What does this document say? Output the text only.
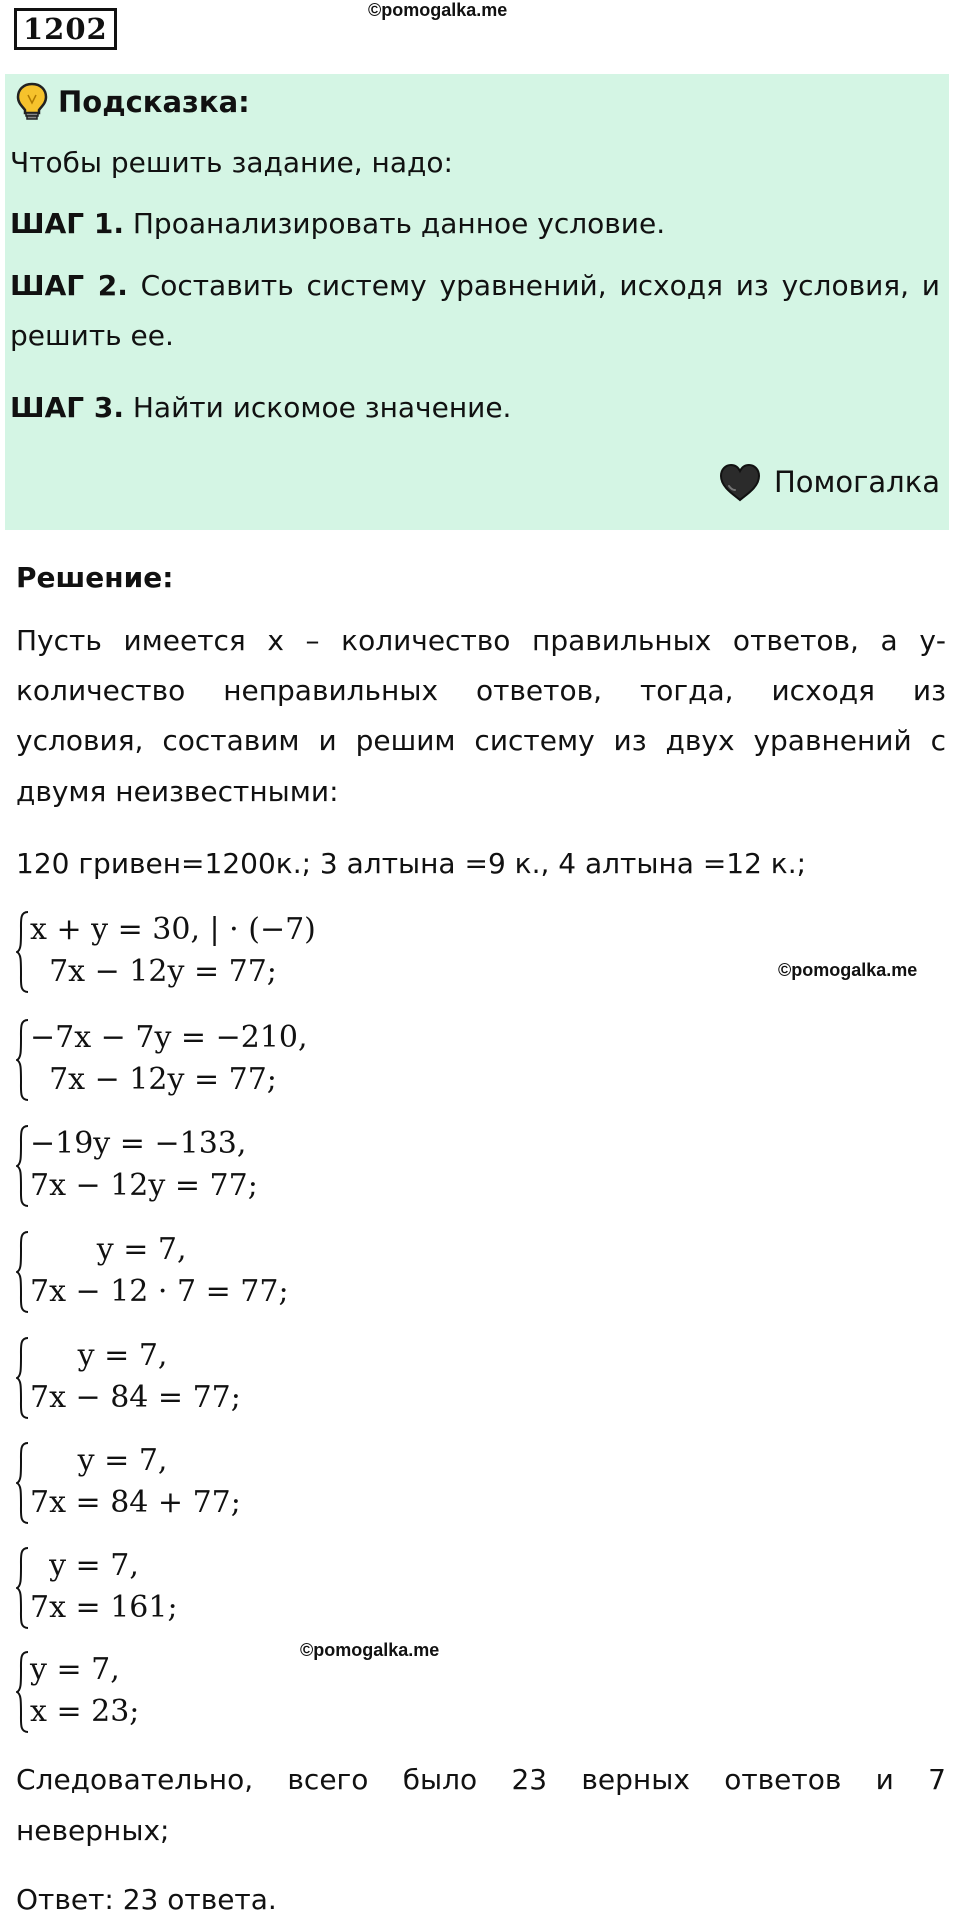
1202
©pomogalka.me
Подсказка:
Чтобы решить задание, надо:
ШАГ 1. Проанализировать данное условие.
ШАГ 2. Составить систему уравнений, исходя из условия, и
решить ее.
ШАГ 3. Найти искомое значение.
Помогалка
Решение:
Пусть имеется х – количество правильных ответов, а у-
количество неправильных ответов, тогда, исходя из
условия, составим и решим систему из двух уравнений с
двумя неизвестными:
120 гривен=1200к.; 3 алтына =9 к., 4 алтына =12 к.;
x + y = 30, | · (−7)
7x − 12y = 77;	©pomogalka.me
−7x − 7y = −210,
7x − 12y = 77;
−19y = −133,
7x − 12y = 77;
y = 7,
7x − 12 · 7 = 77;
y = 7,
7x − 84 = 77;
y = 7,
7x = 84 + 77;
y = 7,
7x = 161;
©pomogalka.me
y = 7,
x = 23;
Следовательно, всего было 23 верных ответов и 7
неверных;
Ответ: 23 ответа.
